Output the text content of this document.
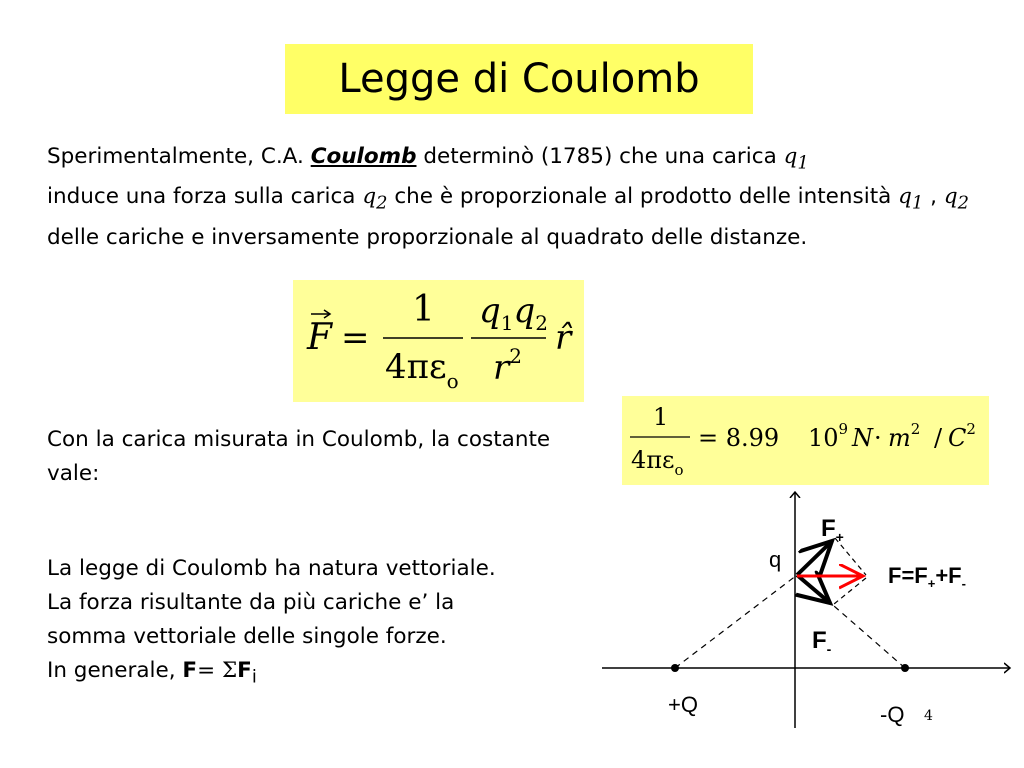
Legge di Coulomb

Sperimentalmente, C.A. Coulomb determinò (1785) che una carica $q_1$
induce una forza sulla carica $q_2$ che è proporzionale al prodotto delle intensità $q_1$ , $q_2$ delle cariche e inversamente proporzionale al quadrato delle distanze.

F =
1
$4\pi\varepsilon_o$
$q_1q_2$
$r^2$ r̂

Con la carica misurata in Coulomb, la costante vale:

1
$4\pi\varepsilon_o$
= 8.99 $10^9$ $N \cdot m^2 / C^2$

La legge di Coulomb ha natura vettoriale.
La forza risultante da più cariche e’ la
somma vettoriale delle singole forze.
In generale, $F= \Sigma F_i$

q
$F_+$
$F_-$
$F=F_++F_-$
+Q	-Q 4
